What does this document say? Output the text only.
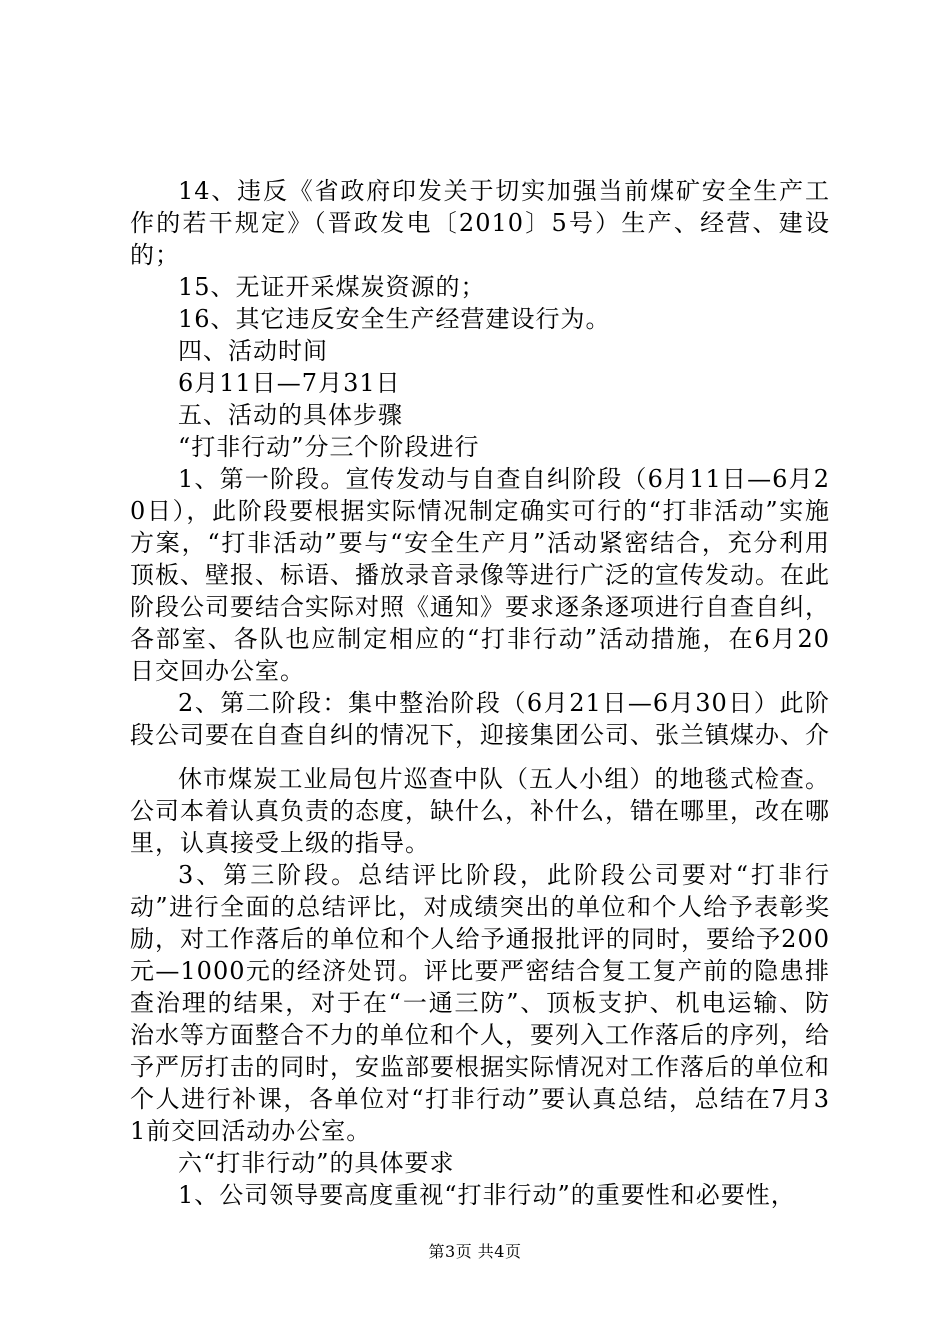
14、违反《省政府印发关于切实加强当前煤矿安全生产工作的若干规定》（晋政发电〔2010〕5号）生产、经营、建设的；

15、无证开采煤炭资源的；

16、其它违反安全生产经营建设行为。

四、活动时间

6月11日—7月31日

五、活动的具体步骤

“打非行动”分三个阶段进行

1、第一阶段。宣传发动与自查自纠阶段（6月11日—6月20日），此阶段要根据实际情况制定确实可行的“打非活动”实施方案，“打非活动”要与“安全生产月”活动紧密结合，充分利用顶板、壁报、标语、播放录音录像等进行广泛的宣传发动。在此阶段公司要结合实际对照《通知》要求逐条逐项进行自查自纠，各部室、各队也应制定相应的“打非行动”活动措施，在6月20日交回办公室。

2、第二阶段：集中整治阶段（6月21日—6月30日）此阶段公司要在自查自纠的情况下，迎接集团公司、张兰镇煤办、介

休市煤炭工业局包片巡查中队（五人小组）的地毯式检查。公司本着认真负责的态度，缺什么，补什么，错在哪里，改在哪里，认真接受上级的指导。

3、第三阶段。总结评比阶段，此阶段公司要对“打非行动”进行全面的总结评比，对成绩突出的单位和个人给予表彰奖励，对工作落后的单位和个人给予通报批评的同时，要给予200元—1000元的经济处罚。评比要严密结合复工复产前的隐患排查治理的结果，对于在“一通三防”、顶板支护、机电运输、防治水等方面整合不力的单位和个人，要列入工作落后的序列，给予严厉打击的同时，安监部要根据实际情况对工作落后的单位和个人进行补课，各单位对“打非行动”要认真总结，总结在7月31前交回活动办公室。

六“打非行动”的具体要求

1、公司领导要高度重视“打非行动”的重要性和必要性，

第3页 共4页
